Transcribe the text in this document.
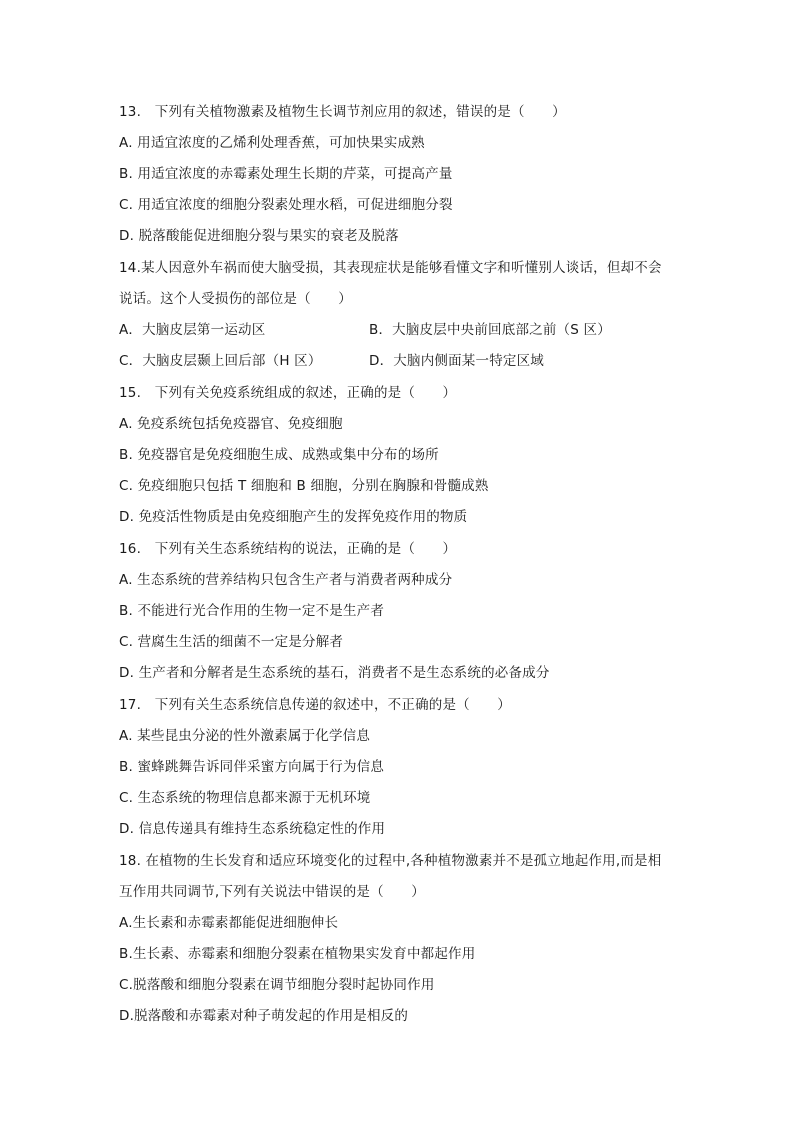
13.　下列有关植物激素及植物生长调节剂应用的叙述，错误的是（　　）
A. 用适宜浓度的乙烯利处理香蕉，可加快果实成熟
B. 用适宜浓度的赤霉素处理生长期的芹菜，可提高产量
C. 用适宜浓度的细胞分裂素处理水稻，可促进细胞分裂
D. 脱落酸能促进细胞分裂与果实的衰老及脱落
14.某人因意外车祸而使大脑受损，其表现症状是能够看懂文字和听懂别人谈话，但却不会
说话。这个人受损伤的部位是（　　）
A．大脑皮层第一运动区	B．大脑皮层中央前回底部之前（S 区）
C．大脑皮层颞上回后部（H 区）	D．大脑内侧面某一特定区域
15.　下列有关免疫系统组成的叙述，正确的是（　　）
A. 免疫系统包括免疫器官、免疫细胞
B. 免疫器官是免疫细胞生成、成熟或集中分布的场所
C. 免疫细胞只包括 T 细胞和 B 细胞，分别在胸腺和骨髓成熟
D. 免疫活性物质是由免疫细胞产生的发挥免疫作用的物质
16.　下列有关生态系统结构的说法，正确的是（　　）
A. 生态系统的营养结构只包含生产者与消费者两种成分
B. 不能进行光合作用的生物一定不是生产者
C. 营腐生生活的细菌不一定是分解者
D. 生产者和分解者是生态系统的基石，消费者不是生态系统的必备成分
17.　下列有关生态系统信息传递的叙述中，不正确的是（　　）
A. 某些昆虫分泌的性外激素属于化学信息
B. 蜜蜂跳舞告诉同伴采蜜方向属于行为信息
C. 生态系统的物理信息都来源于无机环境
D. 信息传递具有维持生态系统稳定性的作用
18. 在植物的生长发育和适应环境变化的过程中,各种植物激素并不是孤立地起作用,而是相
互作用共同调节,下列有关说法中错误的是（　　）
A.生长素和赤霉素都能促进细胞伸长
B.生长素、赤霉素和细胞分裂素在植物果实发育中都起作用
C.脱落酸和细胞分裂素在调节细胞分裂时起协同作用
D.脱落酸和赤霉素对种子萌发起的作用是相反的
